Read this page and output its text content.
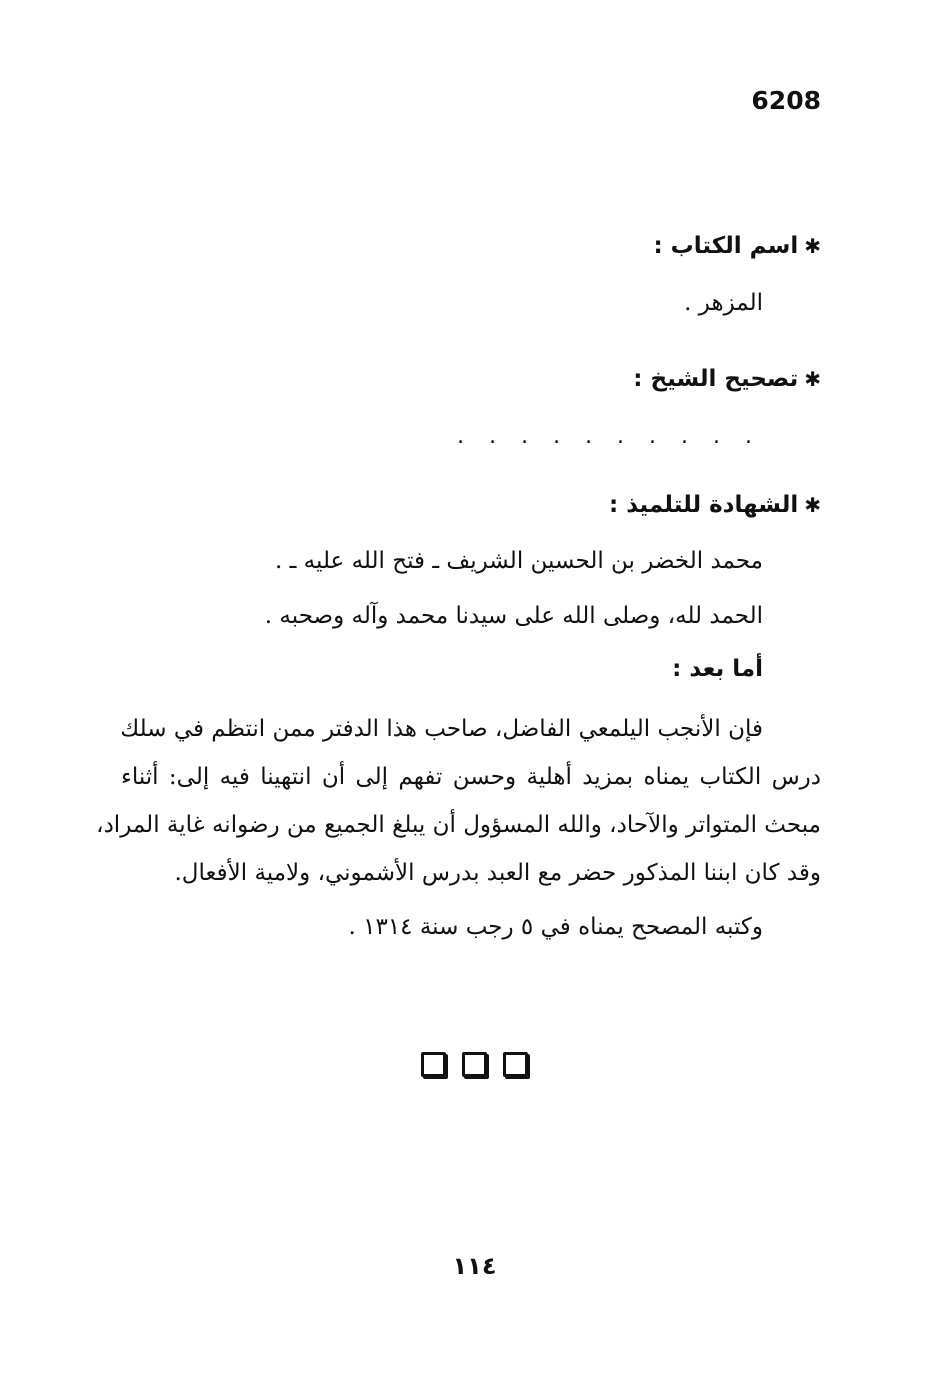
6208
✱اسم الكتاب :
المزهر .
✱تصحيح الشيخ :
. . . . . . . . . .
✱الشهادة للتلميذ :
محمد الخضر بن الحسين الشريف ـ فتح الله عليه ـ .
الحمد لله، وصلى الله على سيدنا محمد وآله وصحبه .
أما بعد :

فإن الأنجب اليلمعي الفاضل، صاحب هذا الدفتر ممن انتظم في سلك

درس الكتاب يمناه بمزيد أهلية وحسن تفهم إلى أن انتهينا فيه إلى: أثناء

مبحث المتواتر والآحاد، والله المسؤول أن يبلغ الجميع من رضوانه غاية المراد،

وقد كان ابننا المذكور حضر مع العبد بدرس الأشموني، ولامية الأفعال.

وكتبه المصحح يمناه في ٥ رجب سنة ١٣١٤ .
١١٤
